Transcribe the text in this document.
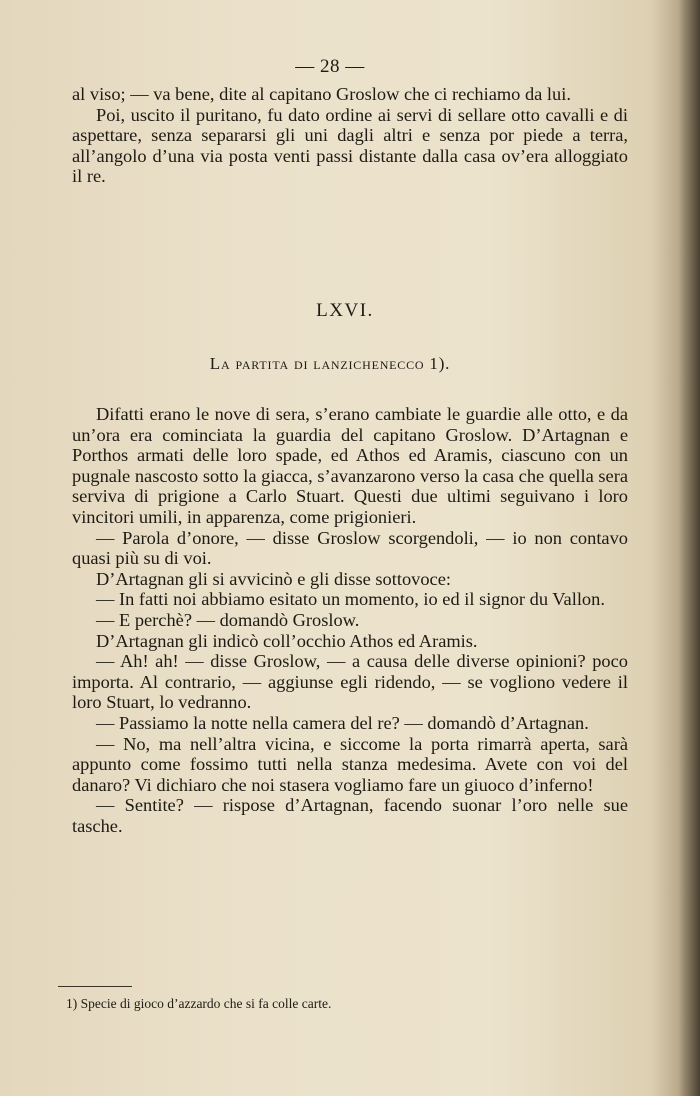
— 28 —

al viso; — va bene, dite al capitano Groslow che ci rechiamo da lui.

Poi, uscito il puritano, fu dato ordine ai servi di sellare otto cavalli e di aspettare, senza separarsi gli uni dagli altri e senza por piede a terra, all’angolo d’una via posta venti passi distante dalla casa ov’era alloggiato il re.

LXVI.
La partita di lanzichenecco 1).

Difatti erano le nove di sera, s’erano cambiate le guardie alle otto, e da un’ora era cominciata la guardia del capitano Groslow. D’Artagnan e Porthos armati delle loro spade, ed Athos ed Aramis, ciascuno con un pugnale nascosto sotto la giacca, s’avanzarono verso la casa che quella sera serviva di prigione a Carlo Stuart. Questi due ultimi seguivano i loro vincitori umili, in apparenza, come prigionieri.

— Parola d’onore, — disse Groslow scorgendoli, — io non contavo quasi più su di voi.

D’Artagnan gli si avvicinò e gli disse sottovoce:

— In fatti noi abbiamo esitato un momento, io ed il signor du Vallon.

— E perchè? — domandò Groslow.

D’Artagnan gli indicò coll’occhio Athos ed Aramis.

— Ah! ah! — disse Groslow, — a causa delle diverse opinioni? poco importa. Al contrario, — aggiunse egli ridendo, — se vogliono vedere il loro Stuart, lo vedranno.

— Passiamo la notte nella camera del re? — domandò d’Artagnan.

— No, ma nell’altra vicina, e siccome la porta rimarrà aperta, sarà appunto come fossimo tutti nella stanza medesima. Avete con voi del danaro? Vi dichiaro che noi stasera vogliamo fare un giuoco d’inferno!

— Sentite? — rispose d’Artagnan, facendo suonar l’oro nelle sue tasche.

1) Specie di gioco d’azzardo che si fa colle carte.
